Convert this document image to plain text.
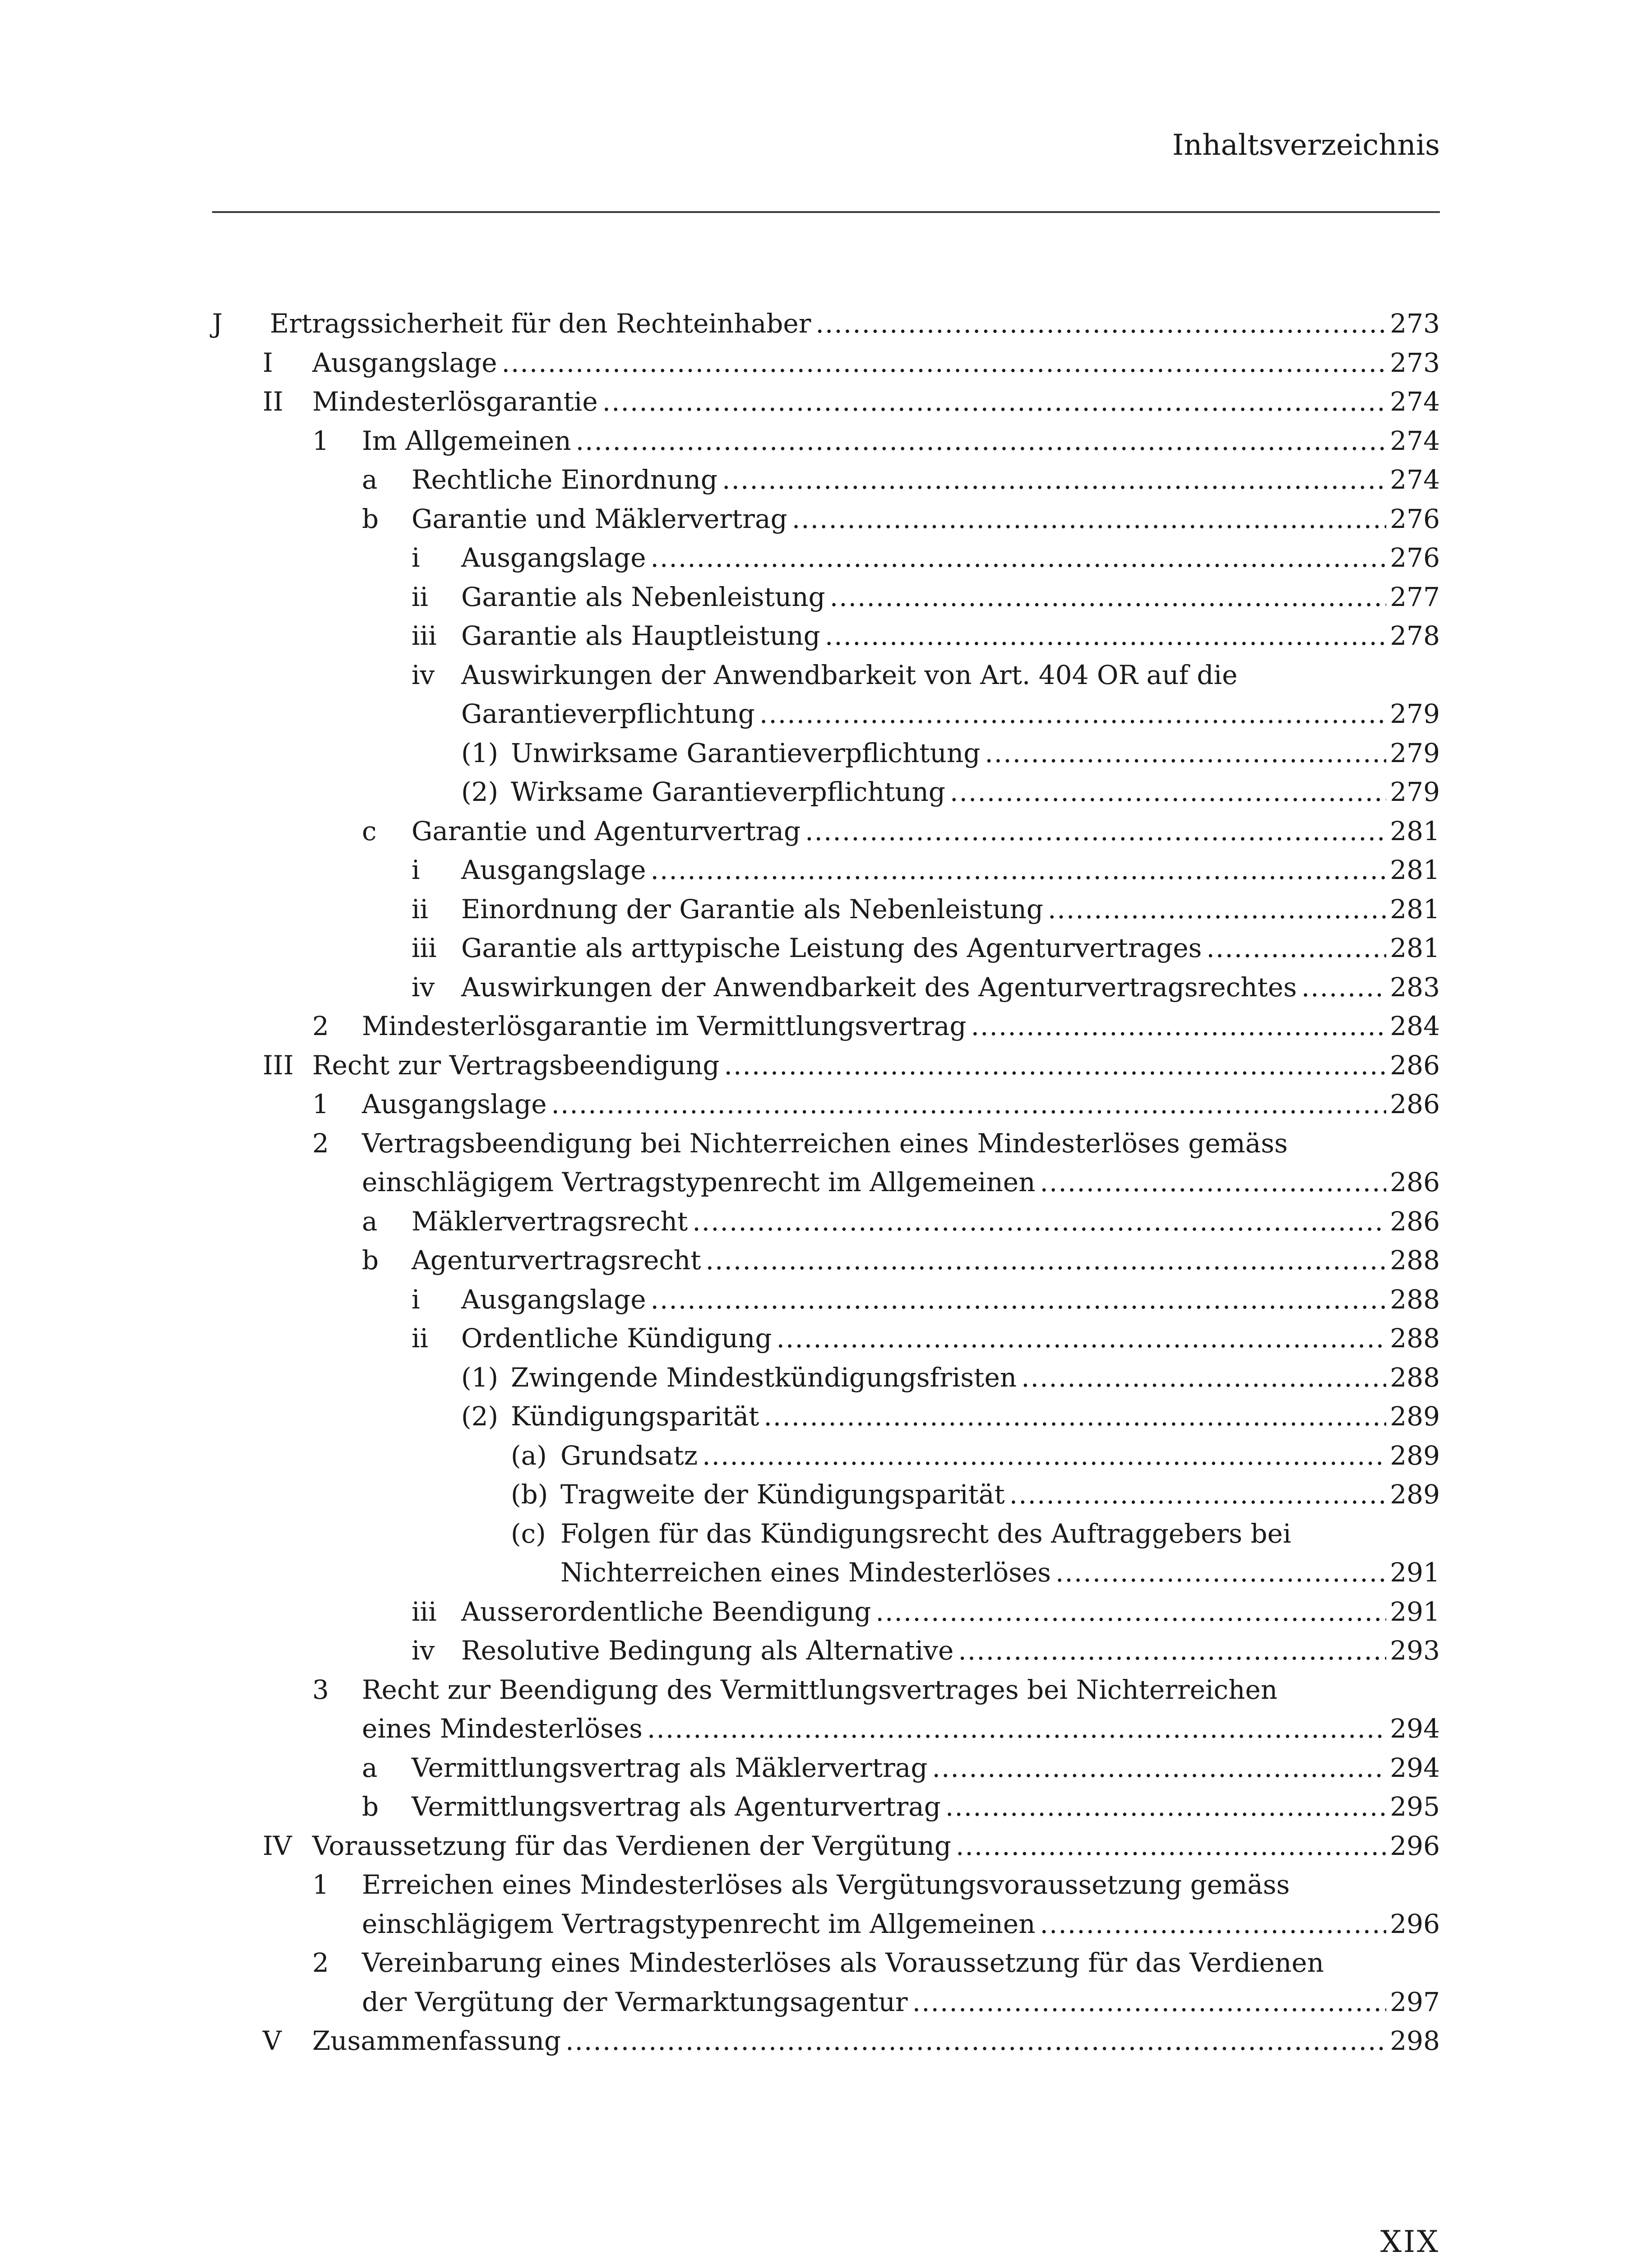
Inhaltsverzeichnis
J Ertragssicherheit für den Rechteinhaber .....	273
I Ausgangslage .....	273
II Mindesterlösgarantie .....	274
1 Im Allgemeinen .....	274
a Rechtliche Einordnung .....	274
b Garantie und Mäklervertrag .....	276
i Ausgangslage .....	276
ii Garantie als Nebenleistung .....	277
iii Garantie als Hauptleistung .....	278
iv	Auswirkungen der Anwendbarkeit von Art. 404 OR auf die
Garantieverpflichtung .....	279
(1) Unwirksame Garantieverpflichtung .....	279
(2) Wirksame Garantieverpflichtung .....	279
c Garantie und Agenturvertrag .....	281
i Ausgangslage .....	281
ii Einordnung der Garantie als Nebenleistung .....	281
iii Garantie als arttypische Leistung des Agenturvertrages .....	281
iv Auswirkungen der Anwendbarkeit des Agenturvertragsrechtes .....	283
2 Mindesterlösgarantie im Vermittlungsvertrag .....	284
III Recht zur Vertragsbeendigung .....	286
1 Ausgangslage .....	286
2	Vertragsbeendigung bei Nichterreichen eines Mindesterlöses gemäss
einschlägigem Vertragstypenrecht im Allgemeinen .....	286
a Mäklervertragsrecht .....	286
b Agenturvertragsrecht .....	288
i Ausgangslage .....	288
ii Ordentliche Kündigung .....	288
(1) Zwingende Mindestkündigungsfristen .....	288
(2) Kündigungsparität .....	289
(a) Grundsatz .....	289
(b) Tragweite der Kündigungsparität .....	289
(c) Folgen für das Kündigungsrecht des Auftraggebers bei
Nichterreichen eines Mindesterlöses .....	291
iii Ausserordentliche Beendigung .....	291
iv Resolutive Bedingung als Alternative .....	293
3	Recht zur Beendigung des Vermittlungsvertrages bei Nichterreichen
eines Mindesterlöses .....	294
a Vermittlungsvertrag als Mäklervertrag .....	294
b Vermittlungsvertrag als Agenturvertrag .....	295
IV Voraussetzung für das Verdienen der Vergütung .....	296
1	Erreichen eines Mindesterlöses als Vergütungsvoraussetzung gemäss
einschlägigem Vertragstypenrecht im Allgemeinen .....	296
2	Vereinbarung eines Mindesterlöses als Voraussetzung für das Verdienen
der Vergütung der Vermarktungsagentur .....	297
V Zusammenfassung .....	298
XIX
